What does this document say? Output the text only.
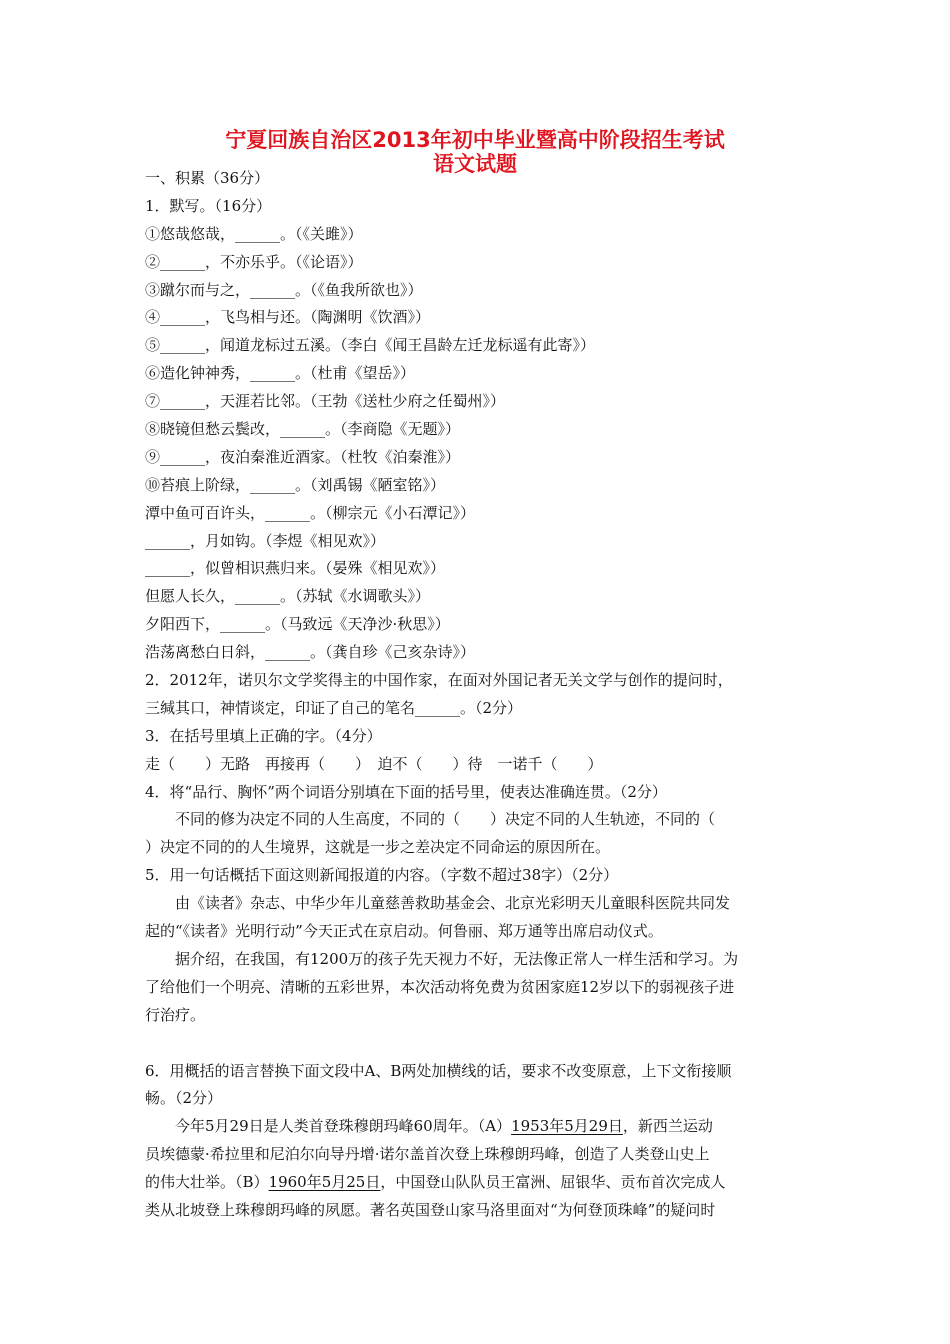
宁夏回族自治区2013年初中毕业暨高中阶段招生考试
语文试题
一、积累（36分）
1．默写。（16分）
①悠哉悠哉，______。（《关雎》）
②______，不亦乐乎。（《论语》）
③蹴尔而与之，______。（《鱼我所欲也》）
④______，飞鸟相与还。（陶渊明《饮酒》）
⑤______，闻道龙标过五溪。（李白《闻王昌龄左迁龙标遥有此寄》）
⑥造化钟神秀，______。（杜甫《望岳》）
⑦______，天涯若比邻。（王勃《送杜少府之任蜀州》）
⑧晓镜但愁云鬓改，______。（李商隐《无题》）
⑨______，夜泊秦淮近酒家。（杜牧《泊秦淮》）
⑩苔痕上阶绿，______。（刘禹锡《陋室铭》）
潭中鱼可百许头，______。（柳宗元《小石潭记》）
______，月如钩。（李煜《相见欢》）
______，似曾相识燕归来。（晏殊《相见欢》）
但愿人长久，______。（苏轼《水调歌头》）
夕阳西下，______。（马致远《天净沙·秋思》）
浩荡离愁白日斜，______。（龚自珍《己亥杂诗》）
2．2012年，诺贝尔文学奖得主的中国作家，在面对外国记者无关文学与创作的提问时，
三缄其口，神情谈定，印证了自己的笔名______。（2分）
3．在括号里填上正确的字。（4分）
走（　　）无路　再接再（　　）　迫不（　　）待　一诺千（　　）
4．将“品行、胸怀”两个词语分别填在下面的括号里，使表达准确连贯。（2分）
不同的修为决定不同的人生高度，不同的（　　）决定不同的人生轨迹，不同的（
）决定不同的的人生境界，这就是一步之差决定不同命运的原因所在。
5．用一句话概括下面这则新闻报道的内容。（字数不超过38字）（2分）
由《读者》杂志、中华少年儿童慈善救助基金会、北京光彩明天儿童眼科医院共同发
起的“《读者》光明行动”今天正式在京启动。何鲁丽、郑万通等出席启动仪式。
据介绍，在我国，有1200万的孩子先天视力不好，无法像正常人一样生活和学习。为
了给他们一个明亮、清晰的五彩世界，本次活动将免费为贫困家庭12岁以下的弱视孩子进
行治疗。
6．用概括的语言替换下面文段中A、B两处加横线的话，要求不改变原意，上下文衔接顺
畅。（2分）
今年5月29日是人类首登珠穆朗玛峰60周年。（A）1953年5月29日，新西兰运动
员埃德蒙·希拉里和尼泊尔向导丹增·诺尔盖首次登上珠穆朗玛峰，创造了人类登山史上
的伟大壮举。（B）1960年5月25日，中国登山队队员王富洲、屈银华、贡布首次完成人
类从北坡登上珠穆朗玛峰的夙愿。著名英国登山家马洛里面对“为何登顶珠峰”的疑问时
